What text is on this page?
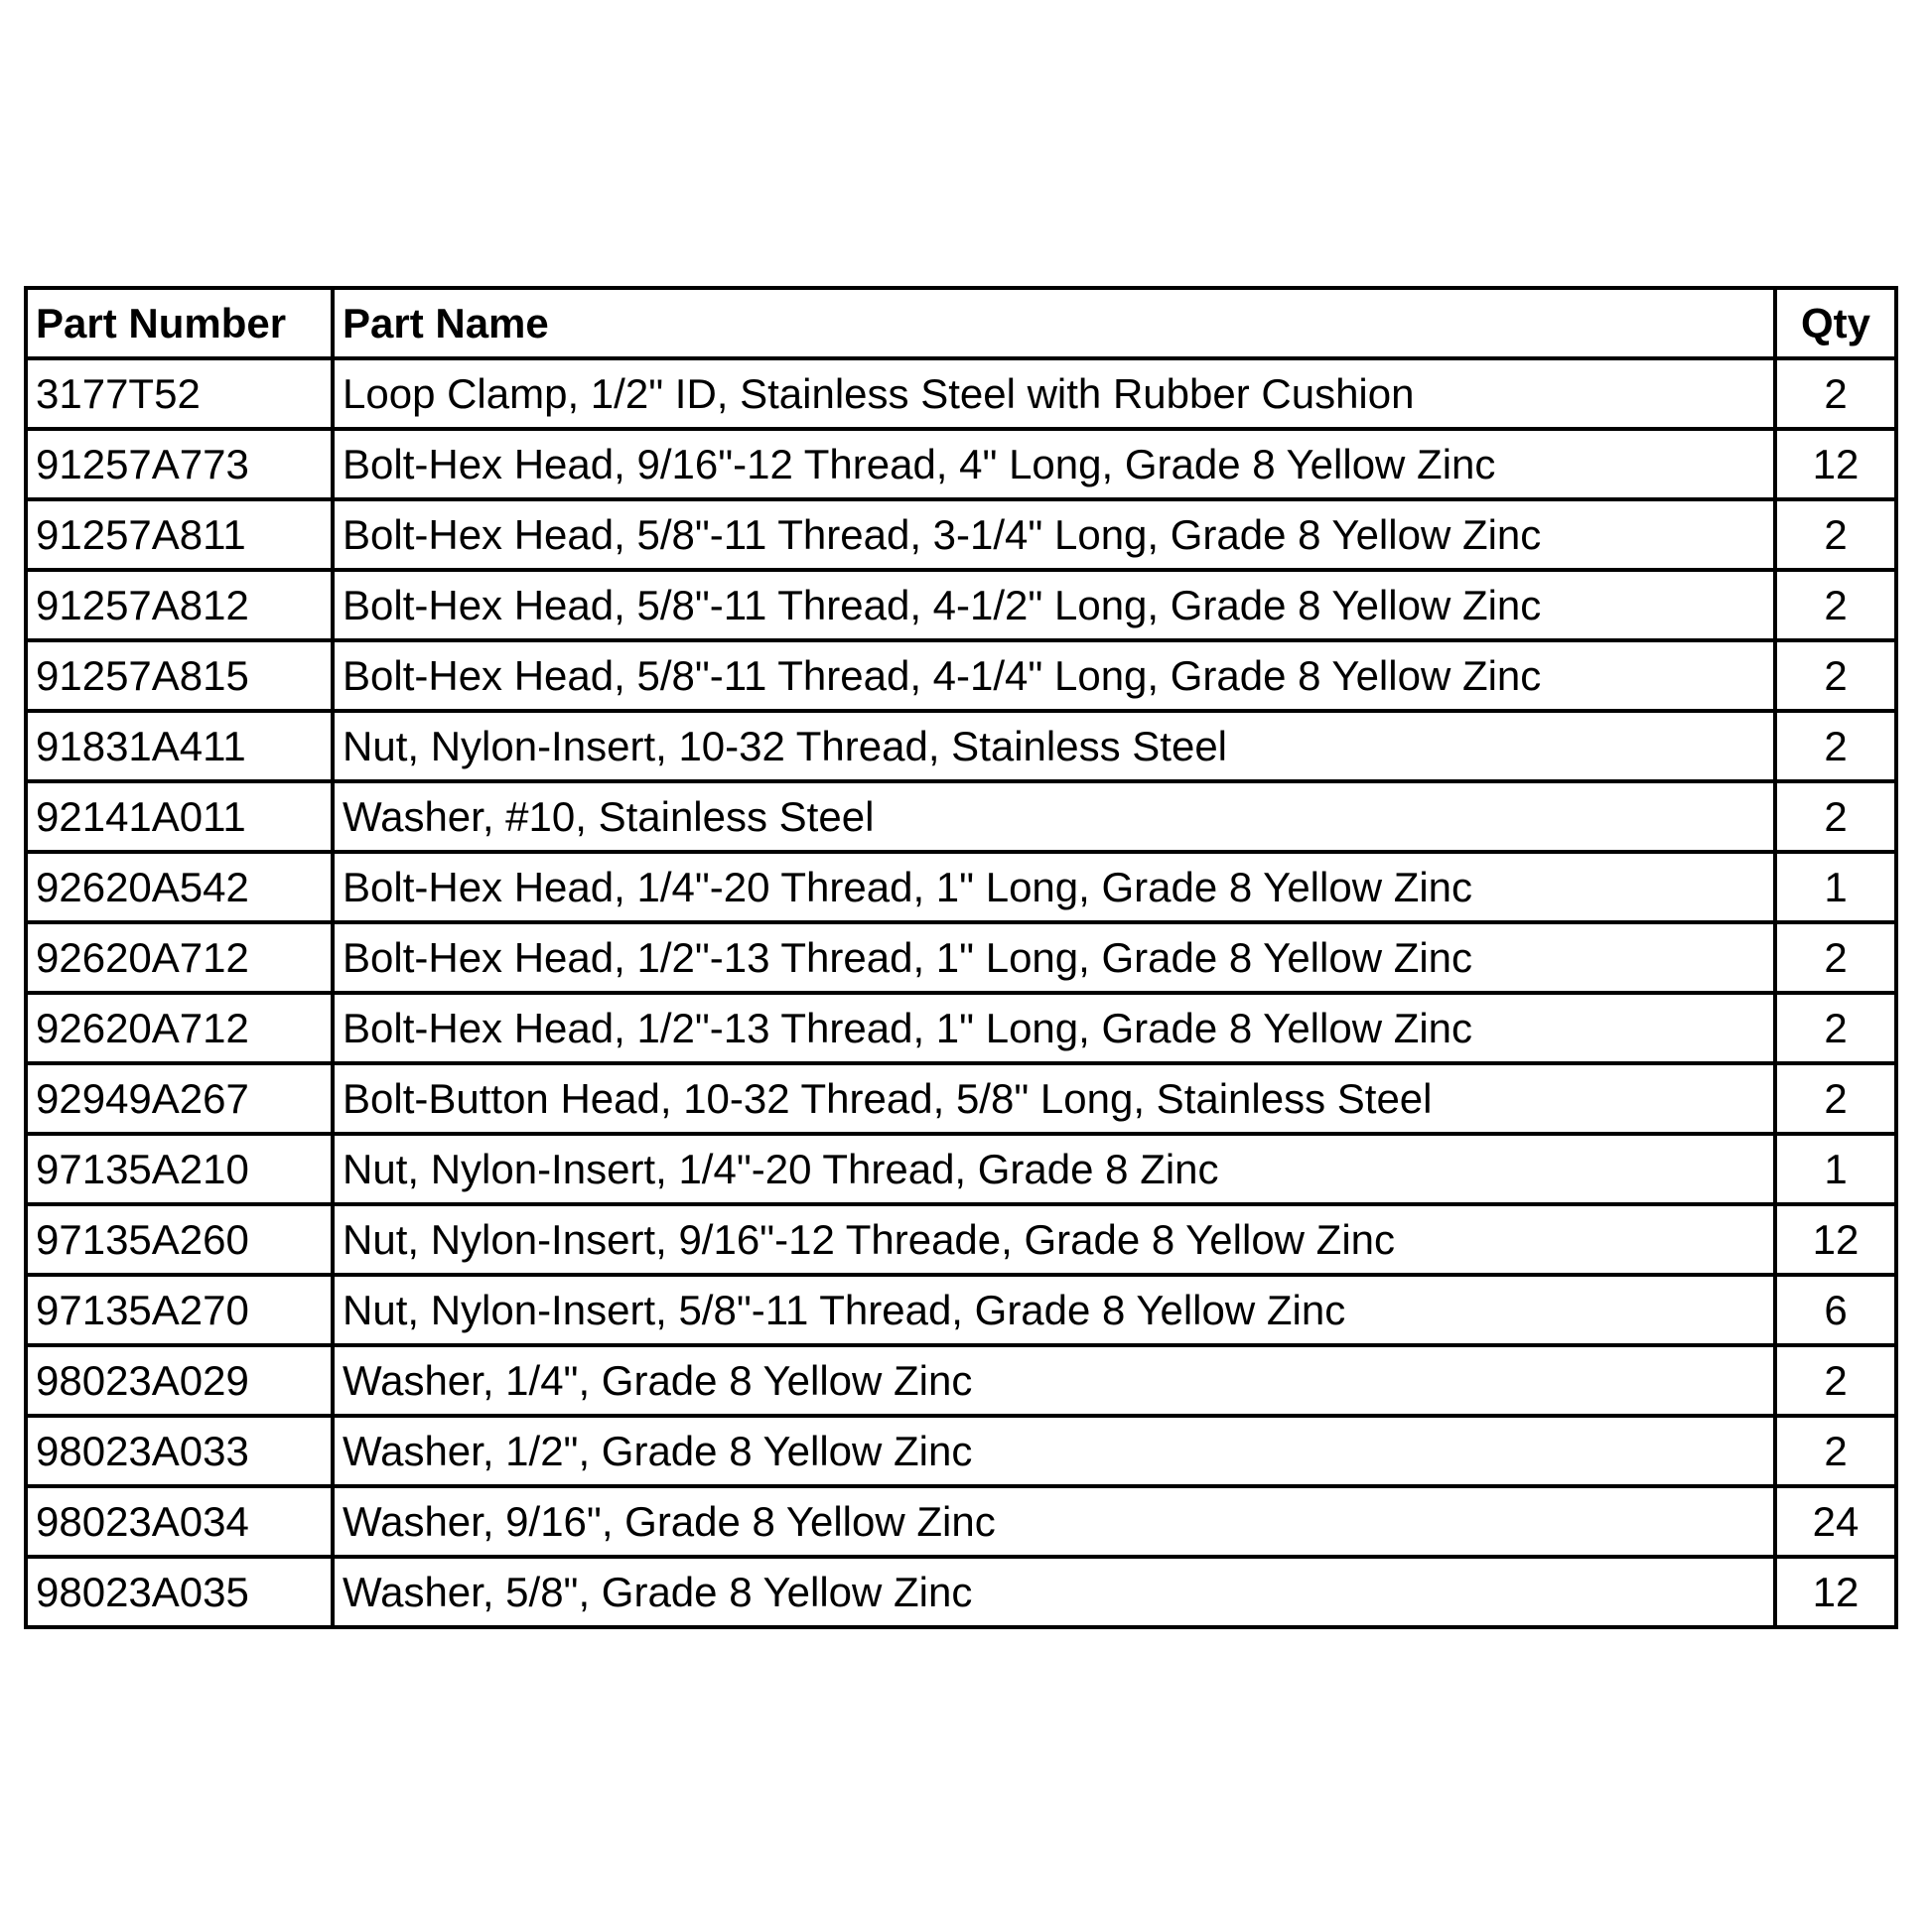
Part Number	Part Name	Qty
3177T52	Loop Clamp, 1/2" ID, Stainless Steel with Rubber Cushion	2
91257A773	Bolt-Hex Head, 9/16"-12 Thread, 4" Long, Grade 8 Yellow Zinc	12
91257A811	Bolt-Hex Head, 5/8"-11 Thread, 3-1/4" Long, Grade 8 Yellow Zinc	2
91257A812	Bolt-Hex Head, 5/8"-11 Thread, 4-1/2" Long, Grade 8 Yellow Zinc	2
91257A815	Bolt-Hex Head, 5/8"-11 Thread, 4-1/4" Long, Grade 8 Yellow Zinc	2
91831A411	Nut, Nylon-Insert, 10-32 Thread, Stainless Steel	2
92141A011	Washer, #10, Stainless Steel	2
92620A542	Bolt-Hex Head, 1/4"-20 Thread, 1" Long, Grade 8 Yellow Zinc	1
92620A712	Bolt-Hex Head, 1/2"-13 Thread, 1" Long, Grade 8 Yellow Zinc	2
92620A712	Bolt-Hex Head, 1/2"-13 Thread, 1" Long, Grade 8 Yellow Zinc	2
92949A267	Bolt-Button Head, 10-32 Thread, 5/8" Long, Stainless Steel	2
97135A210	Nut, Nylon-Insert, 1/4"-20 Thread, Grade 8 Zinc	1
97135A260	Nut, Nylon-Insert, 9/16"-12 Threade, Grade 8 Yellow Zinc	12
97135A270	Nut, Nylon-Insert, 5/8"-11 Thread, Grade 8 Yellow Zinc	6
98023A029	Washer, 1/4", Grade 8 Yellow Zinc	2
98023A033	Washer, 1/2", Grade 8 Yellow Zinc	2
98023A034	Washer, 9/16", Grade 8 Yellow Zinc	24
98023A035	Washer, 5/8", Grade 8 Yellow Zinc	12
